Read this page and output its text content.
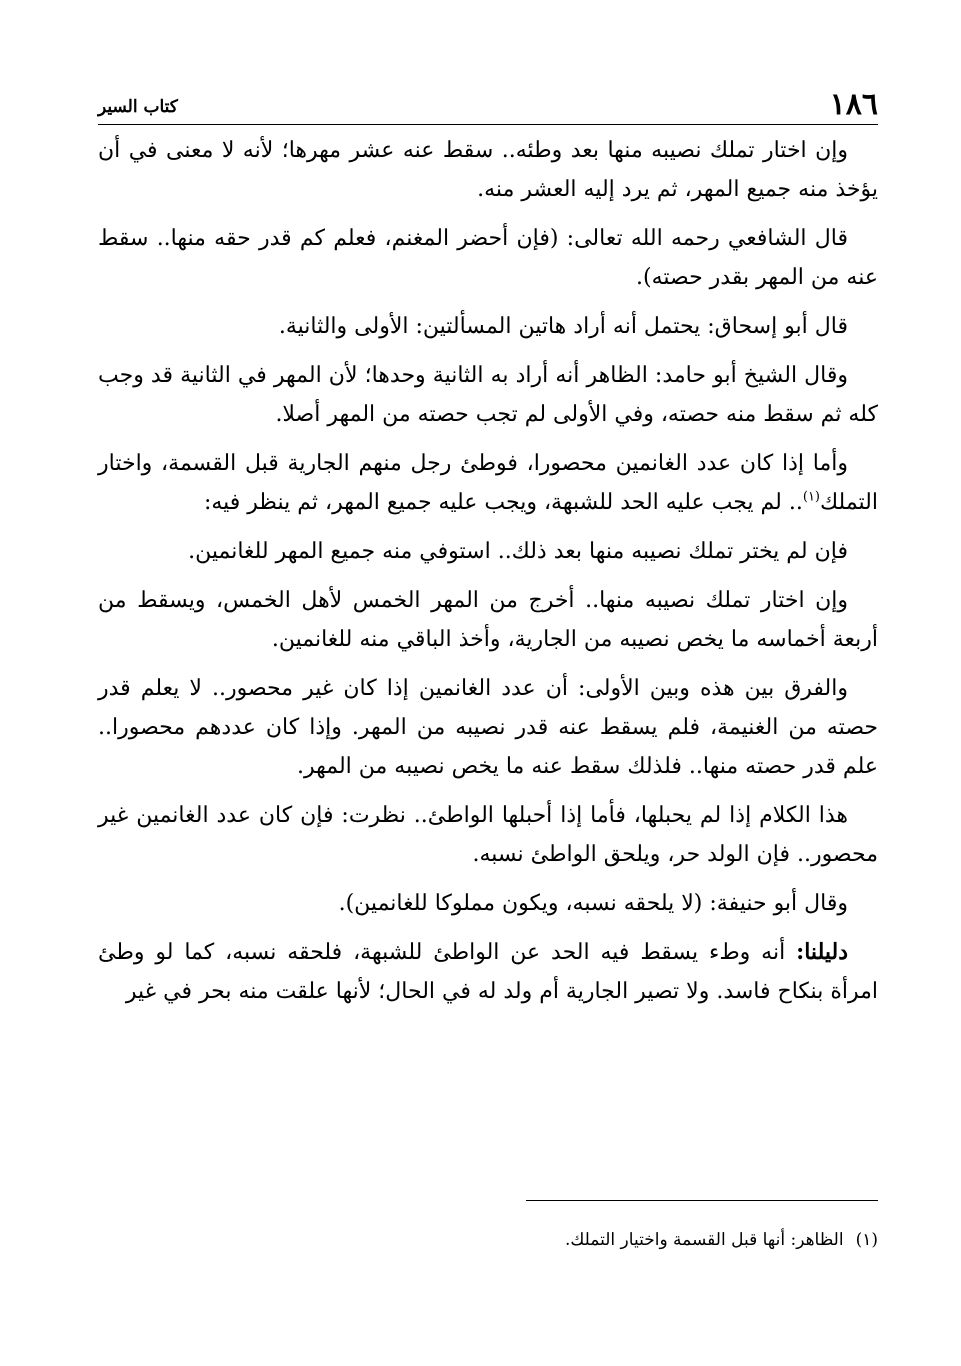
١٨٦
كتاب السير

وإن اختار تملك نصيبه منها بعد وطئه.. سقط عنه عشر مهرها؛ لأنه لا معنى في أن يؤخذ منه جميع المهر، ثم يرد إليه العشر منه.

قال الشافعي رحمه الله تعالى: (فإن أحضر المغنم، فعلم كم قدر حقه منها.. سقط عنه من المهر بقدر حصته).

قال أبو إسحاق: يحتمل أنه أراد هاتين المسألتين: الأولى والثانية.

وقال الشيخ أبو حامد: الظاهر أنه أراد به الثانية وحدها؛ لأن المهر في الثانية قد وجب كله ثم سقط منه حصته، وفي الأولى لم تجب حصته من المهر أصلا.

وأما إذا كان عدد الغانمين محصورا، فوطئ رجل منهم الجارية قبل القسمة، واختار التملك$^{(١)}$.. لم يجب عليه الحد للشبهة، ويجب عليه جميع المهر، ثم ينظر فيه:

فإن لم يختر تملك نصيبه منها بعد ذلك.. استوفي منه جميع المهر للغانمين.

وإن اختار تملك نصيبه منها.. أخرج من المهر الخمس لأهل الخمس، ويسقط من أربعة أخماسه ما يخص نصيبه من الجارية، وأخذ الباقي منه للغانمين.

والفرق بين هذه وبين الأولى: أن عدد الغانمين إذا كان غير محصور.. لا يعلم قدر حصته من الغنيمة، فلم يسقط عنه قدر نصيبه من المهر. وإذا كان عددهم محصورا.. علم قدر حصته منها.. فلذلك سقط عنه ما يخص نصيبه من المهر.

هذا الكلام إذا لم يحبلها، فأما إذا أحبلها الواطئ.. نظرت: فإن كان عدد الغانمين غير محصور.. فإن الولد حر، ويلحق الواطئ نسبه.

وقال أبو حنيفة: (لا يلحقه نسبه، ويكون مملوكا للغانمين).

دليلنا: أنه وطء يسقط فيه الحد عن الواطئ للشبهة، فلحقه نسبه، كما لو وطئ امرأة بنكاح فاسد. ولا تصير الجارية أم ولد له في الحال؛ لأنها علقت منه بحر في غير

(١)الظاهر: أنها قبل القسمة واختيار التملك.
